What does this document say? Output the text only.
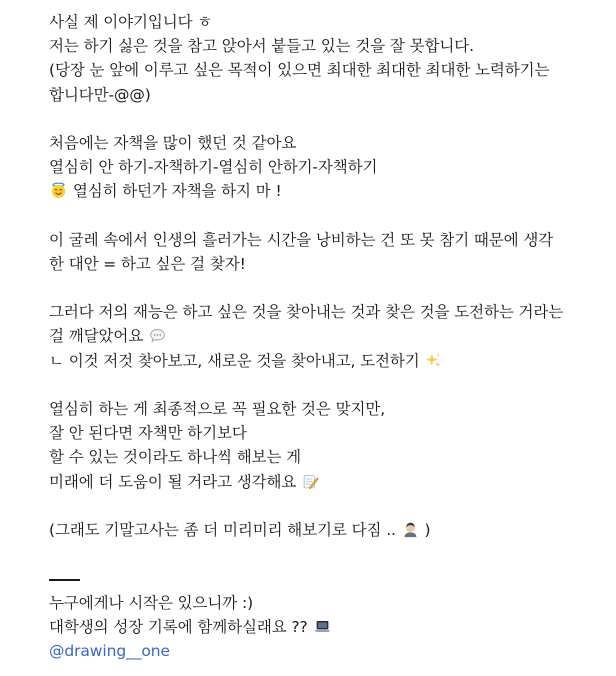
사실 제 이야기입니다 ㅎ
저는 하기 싫은 것을 참고 앉아서 붙들고 있는 것을 잘 못합니다.
(당장 눈 앞에 이루고 싶은 목적이 있으면 최대한 최대한 최대한 노력하기는
합니다만-@@)
처음에는 자책을 많이 했던 것 같아요
열심히 안 하기-자책하기-열심히 안하기-자책하기
열심히 하던가 자책을 하지 마 !
이 굴레 속에서 인생의 흘러가는 시간을 낭비하는 건 또 못 참기 때문에 생각
한 대안 = 하고 싶은 걸 찾자!
그러다 저의 재능은 하고 싶은 것을 찾아내는 것과 찾은 것을 도전하는 거라는
걸 깨달았어요
ㄴ 이것 저것 찾아보고, 새로운 것을 찾아내고, 도전하기
열심히 하는 게 최종적으로 꼭 필요한 것은 맞지만,
잘 안 된다면 자책만 하기보다
할 수 있는 것이라도 하나씩 해보는 게
미래에 더 도움이 될 거라고 생각해요
(그래도 기말고사는 좀 더 미리미리 해보기로 다짐 .. )
누구에게나 시작은 있으니까 :)
대학생의 성장 기록에 함께하실래요 ??
@drawing__one
